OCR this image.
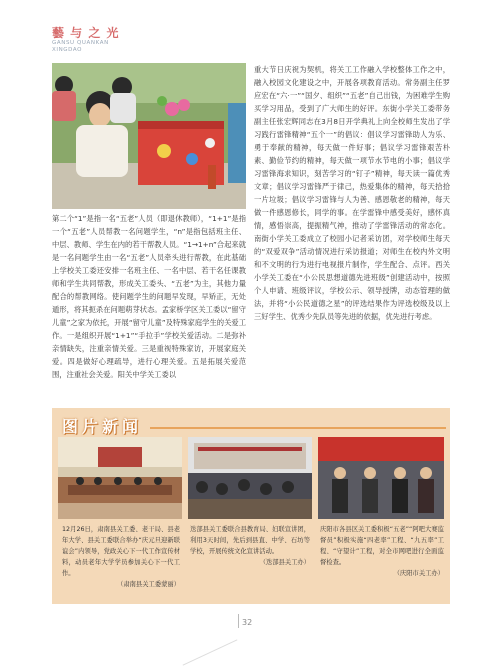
藝 与 之 光
GANSU QUANKAN
XINGDAO
第二个“1”是指一名“五老”人员（即退休教师），“1+1”是指一个“五老”人员帮教一名问题学生，“n”是指包括班主任、中层、教师、学生在内的若干帮教人员。“1→1+n”合起来就是一名问题学生由一名“五老”人员牵头进行帮教，在此基础上学校关工委还安排一名班主任、一名中层、若干名任课教师和学生共同帮教，形成关工委头、“五老”为主，其他力量配合的帮教网络。使问题学生的问题早发现，早矫正，无处遁形，将其扼杀在问题萌芽状态。孟家桥学区关工委以“留守儿童”之家为依托，开展“留守儿童”及特殊家庭学生的关爱工作。一是组织开展“1+1”“手拉手”学校关爱活动。二是弥补亲情缺失，注重亲情关爱。三是重视特殊家访，开展家庭关爱。四是做好心理疏导，进行心理关爱。五是拓展关爱范围，注重社会关爱。阳关中学关工委以
重大节日庆祝为契机，将关工工作融入学校整体工作之中，融入校园文化建设之中，开展各项教育活动。常务副主任罗应宏在“六·一”“国夕、组织”“五老”自己出钱，为困难学生购买学习用品，受到了广大师生的好评。东街小学关工委带务副主任张宏辉同志在3月8日开学典礼上向全校师生发出了学习践行雷锋精神“五个一”的倡议：倡议学习雷锋助人为乐、勇于奉献的精神，每天做一件好事；倡议学习雷锋艰苦朴素、勤俭节约的精神，每天做一项节水节电的小事；倡议学习雷锋海求知识，刻苦学习的“钉子”精神，每天读一篇优秀文章；倡议学习雷锋严于律己，热爱集体的精神，每天拾拾一片垃圾；倡议学习雷锋与人为善、感恩敬老的精神，每天做一件感恩修长，同学的事。在学雷锋中感受美好，感怀真情，感悟崇高，提振精气神，推动了学雷锋活动的常态化。南街小学关工委成立了校园小记者采访团，对学校师生每天的“双爱双争”活动情况进行采访报道；对师生在校内外文明和不文明的行为进行电视报片制作，学生配合、点评。西关小学关工委在“小公民思想道德先进班级”创建活动中，按照个人申请、班级评议，学校公示、领导授牌，动态管理的做法，并将“小公民道德之星”的评选结果作为评选校级及以上三好学生、优秀少先队员等先进的依据，优先进行考虑。
图片新闻
12月26日，肃南县关工委、老干局、县老年大学、县关工委联合举办“庆元旦迎新联谊会”内领导，党政关心下一代工作宣传材料，动员老年大学学员参加关心下一代工作。
（肃南县关工委蒙丽）
迭部县关工委联合县教育局、妇联宣讲团，利用3天时间，先后到县直、中学、石坊等学校，开展传统文化宣讲活动。
（迭部县关工办）
庆阳市各县区关工委积极“五老”“阿吧大赛监督员”积极实施“四老率”工程、“九五率”工程、“守望计”工程，对全市网吧进行全面监督检查。
（庆阳市关工办）
32
